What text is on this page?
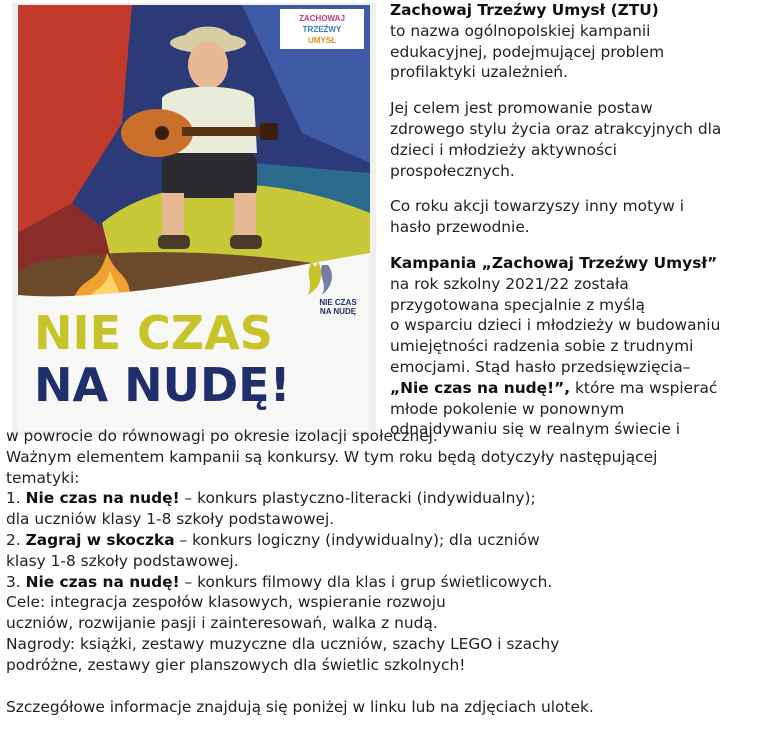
ZACHOWAJ
TRZEŹWY
UMYSŁ
NIE CZAS
NA NUDĘ
NIE CZAS
NA NUDĘ!

Zachowaj Trzeźwy Umysł (ZTU)
to nazwa ogólnopolskiej kampanii
edukacyjnej, podejmującej problem
profilaktyki uzależnień.

Jej celem jest promowanie postaw
zdrowego stylu życia oraz atrakcyjnych dla
dzieci i młodzieży aktywności
prospołecznych.

Co roku akcji towarzyszy inny motyw i
hasło przewodnie.

Kampania „Zachowaj Trzeźwy Umysł”
na rok szkolny 2021/22 została
przygotowana specjalnie z myślą
o wsparciu dzieci i młodzieży w budowaniu
umiejętności radzenia sobie z trudnymi
emocjami. Stąd hasło przedsięwzięcia–
„Nie czas na nudę!”, które ma wspierać
młode pokolenie w ponownym
odnajdywaniu się w realnym świecie i

w powrocie do równowagi po okresie izolacji społecznej.
Ważnym elementem kampanii są konkursy. W tym roku będą dotyczyły następującej
tematyki:
1. Nie czas na nudę! – konkurs plastyczno-literacki (indywidualny);
dla uczniów klasy 1-8 szkoły podstawowej.
2. Zagraj w skoczka – konkurs logiczny (indywidualny); dla uczniów
klasy 1-8 szkoły podstawowej.
3. Nie czas na nudę! – konkurs filmowy dla klas i grup świetlicowych.
Cele: integracja zespołów klasowych, wspieranie rozwoju
uczniów, rozwijanie pasji i zainteresowań, walka z nudą.
Nagrody: książki, zestawy muzyczne dla uczniów, szachy LEGO i szachy
podróżne, zestawy gier planszowych dla świetlic szkolnych!
Szczegółowe informacje znajdują się poniżej w linku lub na zdjęciach ulotek.
